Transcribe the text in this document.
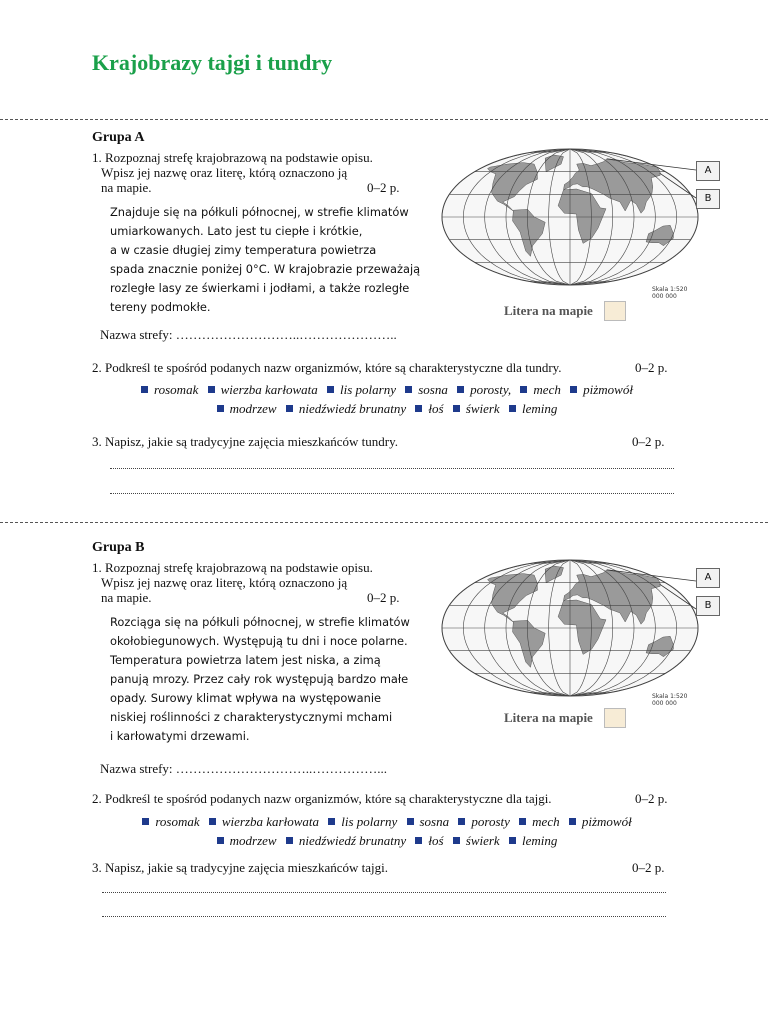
Krajobrazy tajgi i tundry
Grupa A
1. Rozpoznaj strefę krajobrazową na podstawie opisu.
Wpisz jej nazwę oraz literę, którą oznaczono ją
na mapie.	0–2 p.
Znajduje się na półkuli północnej, w strefie klimatów
umiarkowanych. Lato jest tu ciepłe i krótkie,
a w czasie długiej zimy temperatura powietrza
spada znacznie poniżej 0°C. W krajobrazie przeważają
rozległe lasy ze świerkami i jodłami, a także rozległe
tereny podmokłe.
Nazwa strefy: ………………………..…………………..
A
B
Skala 1:520 000 000
Litera na mapie
2. Podkreśl te spośród podanych nazw organizmów, które są charakterystyczne dla tundry.	0–2 p.
rosomak wierzba karłowata lis polarny sosna porosty, mech piżmowół
modrzew niedźwiedź brunatny łoś świerk leming
3. Napisz, jakie są tradycyjne zajęcia mieszkańców tundry.	0–2 p.
Grupa B
1. Rozpoznaj strefę krajobrazową na podstawie opisu.
Wpisz jej nazwę oraz literę, którą oznaczono ją
na mapie.	0–2 p.
Rozciąga się na półkuli północnej, w strefie klimatów
okołobiegunowych. Występują tu dni i noce polarne.
Temperatura powietrza latem jest niska, a zimą
panują mrozy. Przez cały rok występują bardzo małe
opady. Surowy klimat wpływa na występowanie
niskiej roślinności z charakterystycznymi mchami
i karłowatymi drzewami.
Nazwa strefy: …………………………..……………...
A
B
Skala 1:520 000 000
Litera na mapie
2. Podkreśl te spośród podanych nazw organizmów, które są charakterystyczne dla tajgi.	0–2 p.
rosomak wierzba karłowata lis polarny sosna porosty mech piżmowół
modrzew niedźwiedź brunatny łoś świerk leming
3. Napisz, jakie są tradycyjne zajęcia mieszkańców tajgi.	0–2 p.
